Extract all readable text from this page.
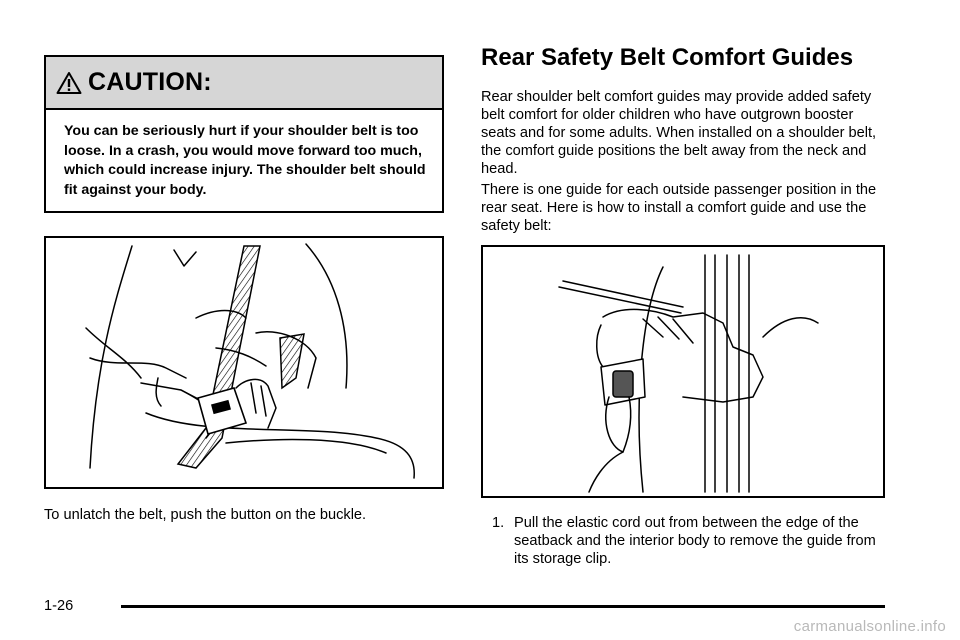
CAUTION:
You can be seriously hurt if your shoulder belt is too loose. In a crash, you would move forward too much, which could increase injury. The shoulder belt should fit against your body.
To unlatch the belt, push the button on the buckle.
Rear Safety Belt Comfort Guides

Rear shoulder belt comfort guides may provide added safety belt comfort for older children who have outgrown booster seats and for some adults. When installed on a shoulder belt, the comfort guide positions the belt away from the neck and head.

There is one guide for each outside passenger position in the rear seat. Here is how to install a comfort guide and use the safety belt:

1. Pull the elastic cord out from between the edge of the seatback and the interior body to remove the guide from its storage clip.
1-26
carmanualsonline.info
